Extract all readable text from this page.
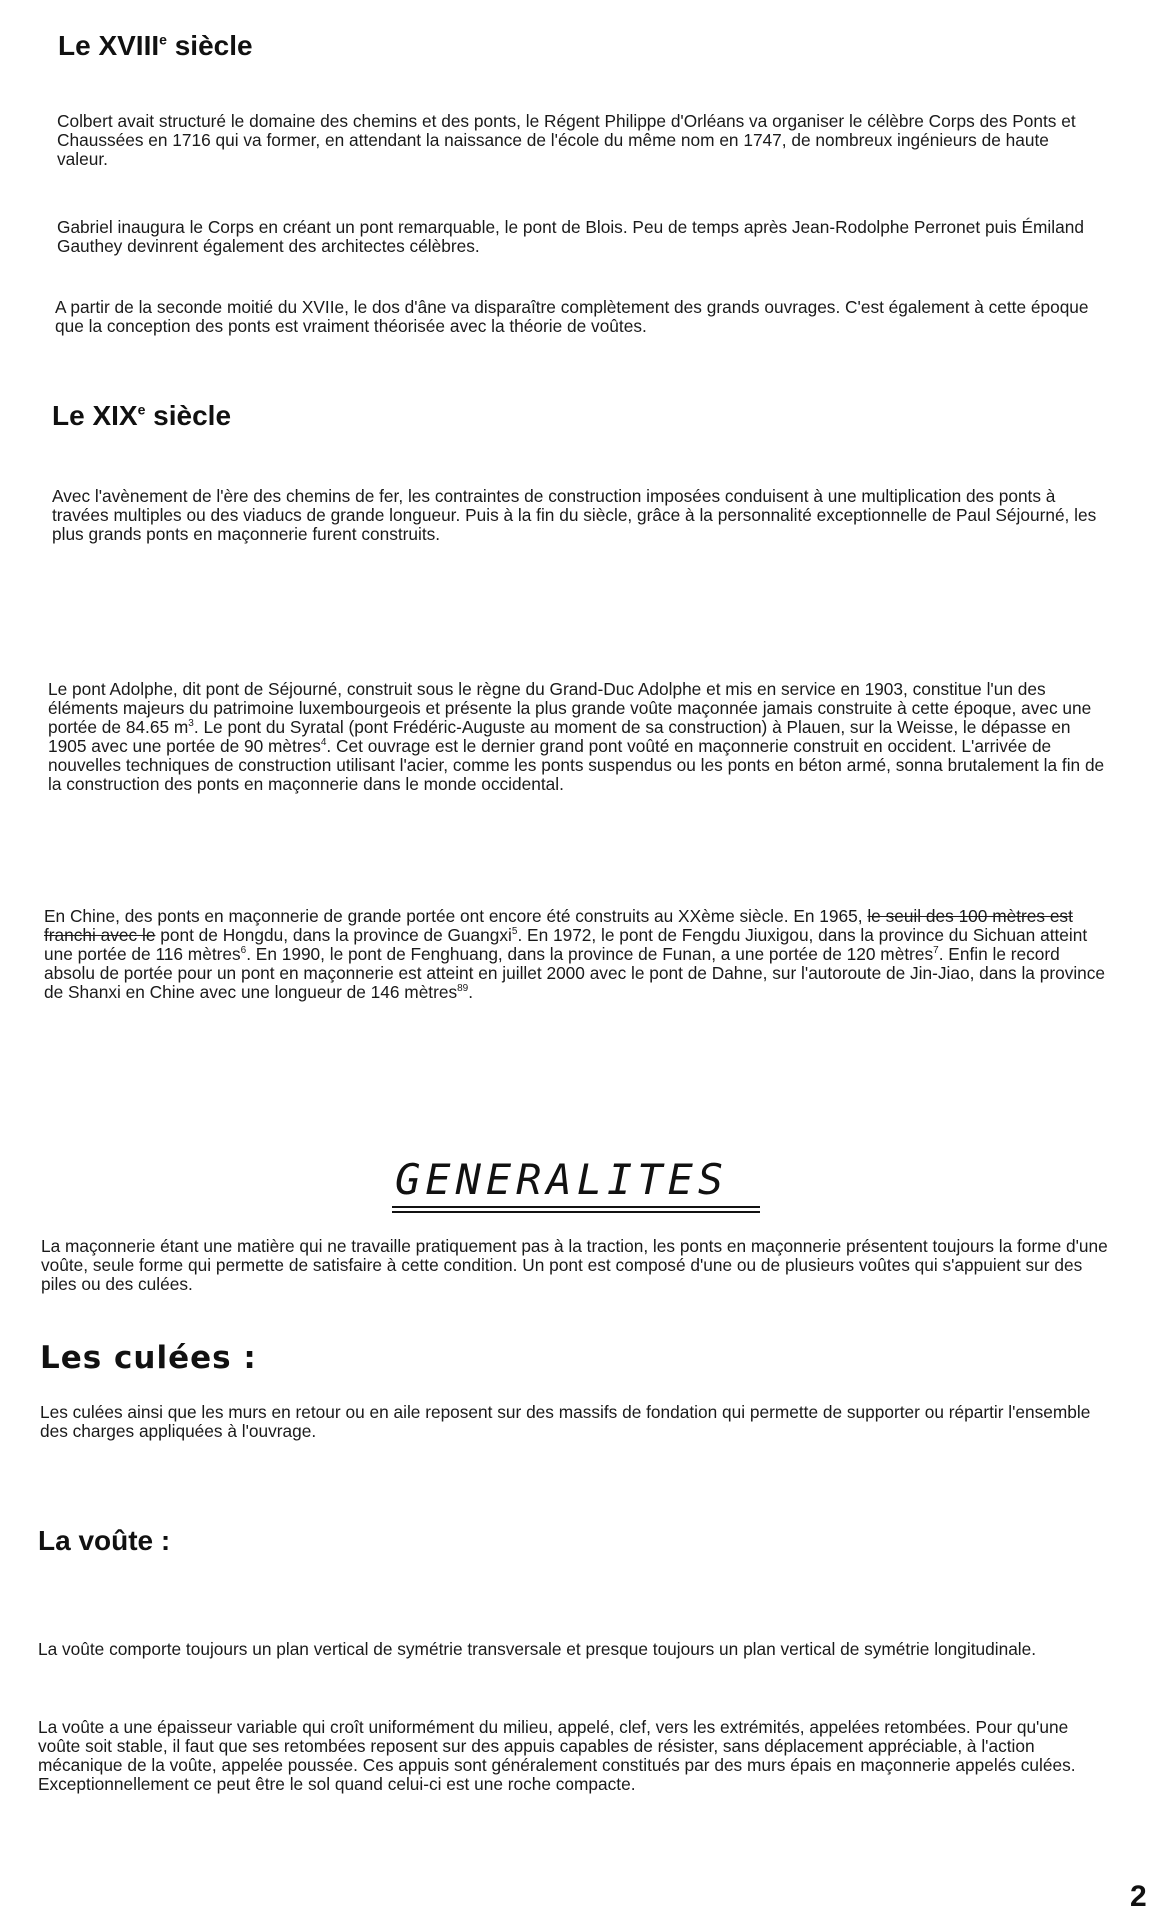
Le XVIIIe siècle

Colbert avait structuré le domaine des chemins et des ponts, le Régent Philippe d'Orléans va organiser le célèbre Corps des Ponts et Chaussées en 1716 qui va former, en attendant la naissance de l'école du même nom en 1747, de nombreux ingénieurs de haute valeur.

Gabriel inaugura le Corps en créant un pont remarquable, le pont de Blois. Peu de temps après Jean-Rodolphe Perronet puis Émiland Gauthey devinrent également des architectes célèbres.

A partir de la seconde moitié du XVIIe, le dos d'âne va disparaître complètement des grands ouvrages. C'est également à cette époque que la conception des ponts est vraiment théorisée avec la théorie de voûtes.

Le XIXe siècle

Avec l'avènement de l'ère des chemins de fer, les contraintes de construction imposées conduisent à une multiplication des ponts à travées multiples ou des viaducs de grande longueur. Puis à la fin du siècle, grâce à la personnalité exceptionnelle de Paul Séjourné, les plus grands ponts en maçonnerie furent construits.

Le pont Adolphe, dit pont de Séjourné, construit sous le règne du Grand-Duc Adolphe et mis en service en 1903, constitue l'un des éléments majeurs du patrimoine luxembourgeois et présente la plus grande voûte maçonnée jamais construite à cette époque, avec une portée de 84.65 $m^3$. Le pont du Syratal (pont Frédéric-Auguste au moment de sa construction) à Plauen, sur la Weisse, le dépasse en 1905 avec une portée de 90 mètres$^4$. Cet ouvrage est le dernier grand pont voûté en maçonnerie construit en occident. L'arrivée de nouvelles techniques de construction utilisant l'acier, comme les ponts suspendus ou les ponts en béton armé, sonna brutalement la fin de la construction des ponts en maçonnerie dans le monde occidental.

En Chine, des ponts en maçonnerie de grande portée ont encore été construits au XXème siècle. En 1965, le seuil des 100 mètres est franchi avec le pont de Hongdu, dans la province de Guangxi$^5$. En 1972, le pont de Fengdu Jiuxigou, dans la province du Sichuan atteint une portée de 116 mètres$^6$. En 1990, le pont de Fenghuang, dans la province de Funan, a une portée de 120 mètres$^7$. Enfin le record absolu de portée pour un pont en maçonnerie est atteint en juillet 2000 avec le pont de Dahne, sur l'autoroute de Jin-Jiao, dans la province de Shanxi en Chine avec une longueur de 146 mètres$^{89}$.

GENERALITES

La maçonnerie étant une matière qui ne travaille pratiquement pas à la traction, les ponts en maçonnerie présentent toujours la forme d'une voûte, seule forme qui permette de satisfaire à cette condition. Un pont est composé d'une ou de plusieurs voûtes qui s'appuient sur des piles ou des culées.

Les culées :

Les culées ainsi que les murs en retour ou en aile reposent sur des massifs de fondation qui permette de supporter ou répartir l'ensemble des charges appliquées à l'ouvrage.

La voûte :

La voûte comporte toujours un plan vertical de symétrie transversale et presque toujours un plan vertical de symétrie longitudinale.

La voûte a une épaisseur variable qui croît uniformément du milieu, appelé, clef, vers les extrémités, appelées retombées. Pour qu'une voûte soit stable, il faut que ses retombées reposent sur des appuis capables de résister, sans déplacement appréciable, à l'action mécanique de la voûte, appelée poussée. Ces appuis sont généralement constitués par des murs épais en maçonnerie appelés culées. Exceptionnellement ce peut être le sol quand celui-ci est une roche compacte.

2
